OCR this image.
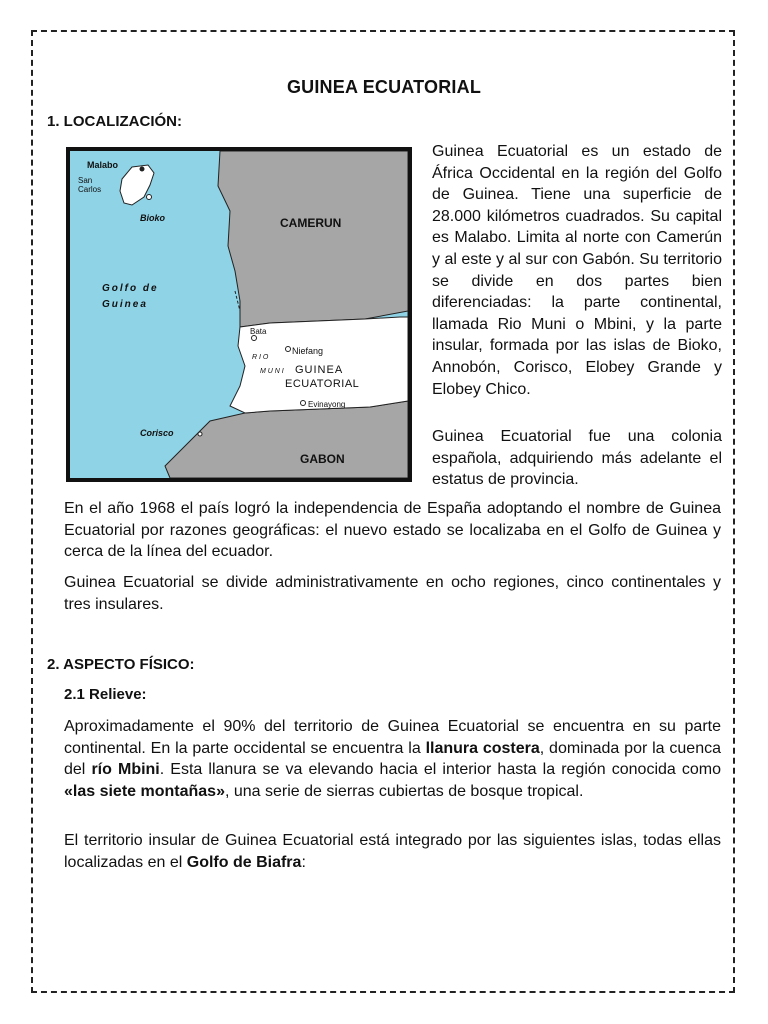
GUINEA ECUATORIAL
1. LOCALIZACIÓN:
Malabo
San
Carlos
Bioko	CAMERUN
Golfo de
Guinea
Bata
Niefang
R I O
M U N I GUINEA
ECUATORIAL
Evinayong
Corisco
GABON
Guinea Ecuatorial es un estado de África Occidental en la región del Golfo de Guinea. Tiene una superficie de 28.000 kilómetros cuadrados. Su capital es Malabo. Limita al norte con Camerún y al este y al sur con Gabón. Su territorio se divide en dos partes bien diferenciadas: la parte continental, llamada Rio Muni o Mbini, y la parte insular, formada por las islas de Bioko, Annobón, Corisco, Elobey Grande y Elobey Chico.
Guinea Ecuatorial fue una colonia española, adquiriendo más adelante el estatus de provincia.
En el año 1968 el país logró la independencia de España adoptando el nombre de Guinea Ecuatorial por razones geográficas: el nuevo estado se localizaba en el Golfo de Guinea y cerca de la línea del ecuador.
Guinea Ecuatorial se divide administrativamente en ocho regiones, cinco continentales y tres insulares.
2. ASPECTO FÍSICO:
2.1 Relieve:
Aproximadamente el 90% del territorio de Guinea Ecuatorial se encuentra en su parte continental. En la parte occidental se encuentra la llanura costera, dominada por la cuenca del río Mbini. Esta llanura se va elevando hacia el interior hasta la región conocida como «las siete montañas», una serie de sierras cubiertas de bosque tropical.
El territorio insular de Guinea Ecuatorial está integrado por las siguientes islas, todas ellas localizadas en el Golfo de Biafra:
